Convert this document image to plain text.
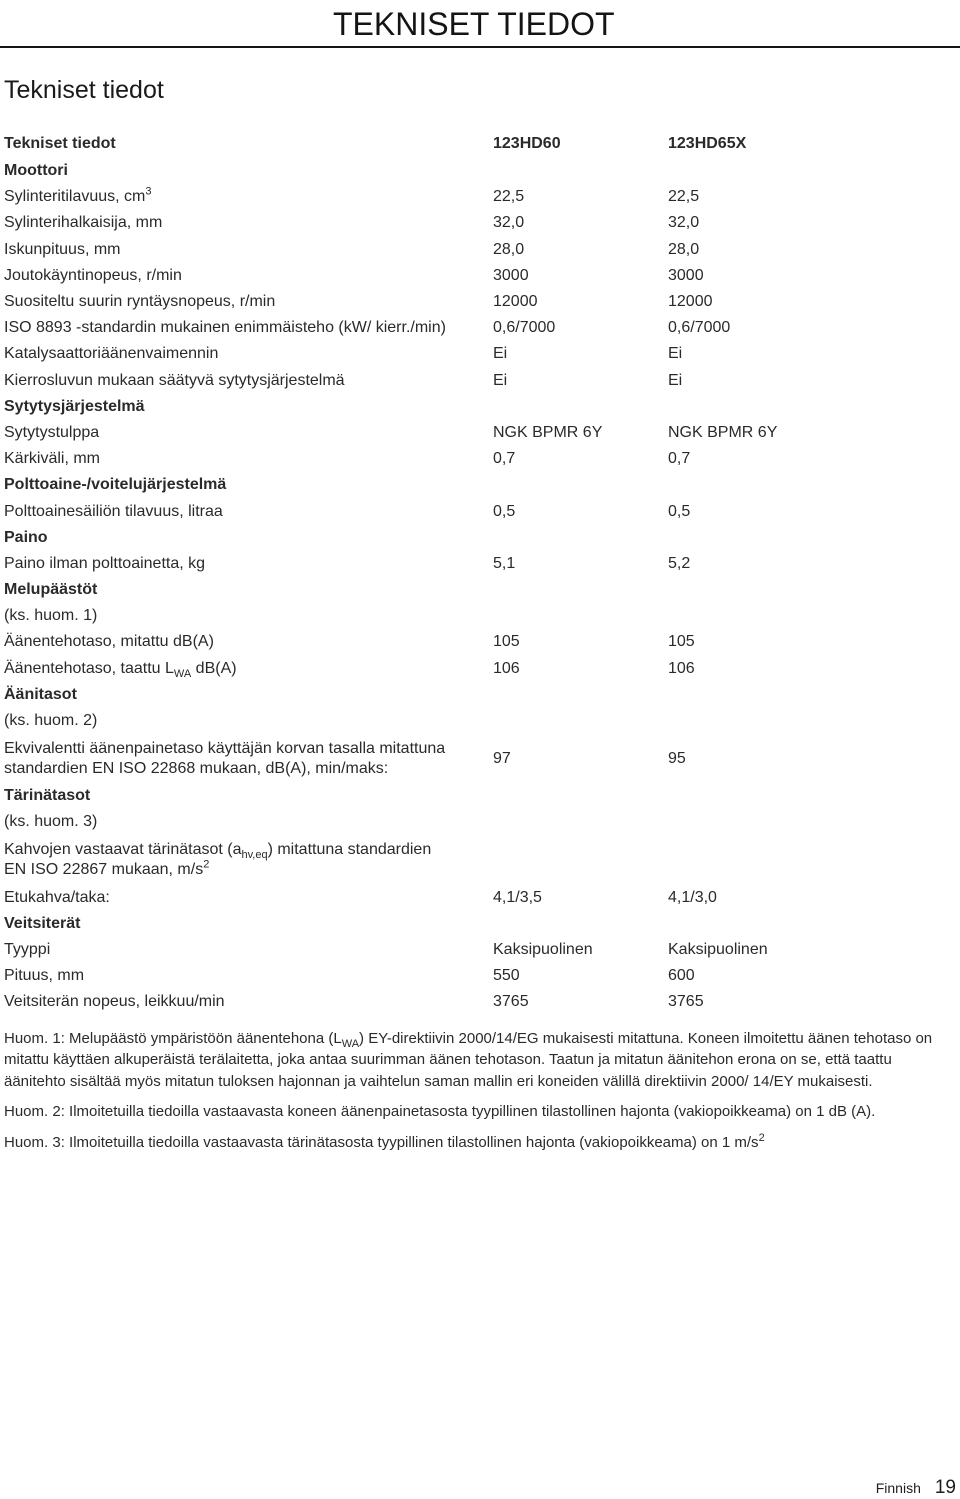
TEKNISET TIEDOT
Tekniset tiedot
Tekniset tiedot	123HD60	123HD65X
Moottori		
Sylinteritilavuus, $cm^3$	22,5	22,5
Sylinterihalkaisija, mm	32,0	32,0
Iskunpituus, mm	28,0	28,0
Joutokäyntinopeus, r/min	3000	3000
Suositeltu suurin ryntäysnopeus, r/min	12000	12000
ISO 8893 -standardin mukainen enimmäisteho (kW/ kierr./min)	0,6/7000	0,6/7000
Katalysaattoriäänenvaimennin	Ei	Ei
Kierrosluvun mukaan säätyvä sytytysjärjestelmä	Ei	Ei
Sytytysjärjestelmä		
Sytytystulppa	NGK BPMR 6Y	NGK BPMR 6Y
Kärkiväli, mm	0,7	0,7
Polttoaine-/voitelujärjestelmä		
Polttoainesäiliön tilavuus, litraa	0,5	0,5
Paino		
Paino ilman polttoainetta, kg	5,1	5,2
Melupäästöt		
(ks. huom. 1)		
Äänentehotaso, mitattu dB(A)	105	105
Äänentehotaso, taattu $L_{WA}$ dB(A)	106	106
Äänitasot		
(ks. huom. 2)		
Ekvivalentti äänenpainetaso käyttäjän korvan tasalla mitattuna standardien EN ISO 22868 mukaan, dB(A), min/maks:	97	95
Tärinätasot		
(ks. huom. 3)		
Kahvojen vastaavat tärinätasot $(a_{hv,eq})$ mitattuna standardien
EN ISO 22867 mukaan, $m/s^2$
Etukahva/taka:	4,1/3,5	4,1/3,0
Veitsiterät		
Tyyppi	Kaksipuolinen	Kaksipuolinen
Pituus, mm	550	600
Veitsiterän nopeus, leikkuu/min	3765	3765

Huom. 1: Melupäästö ympäristöön äänentehona $(L_{WA})$ EY-direktiivin 2000/14/EG mukaisesti mitattuna. Koneen ilmoitettu äänen tehotaso on mitattu käyttäen alkuperäistä terälaitetta, joka antaa suurimman äänen tehotason. Taatun ja mitatun äänitehon erona on se, että taattu äänitehto sisältää myös mitatun tuloksen hajonnan ja vaihtelun saman mallin eri koneiden välillä direktiivin 2000/ 14/EY mukaisesti.

Huom. 2: Ilmoitetuilla tiedoilla vastaavasta koneen äänenpainetasosta tyypillinen tilastollinen hajonta (vakiopoikkeama) on 1 dB (A).

Huom. 3: Ilmoitetuilla tiedoilla vastaavasta tärinätasosta tyypillinen tilastollinen hajonta (vakiopoikkeama) on 1 $m/s^2$

Finnish 19
